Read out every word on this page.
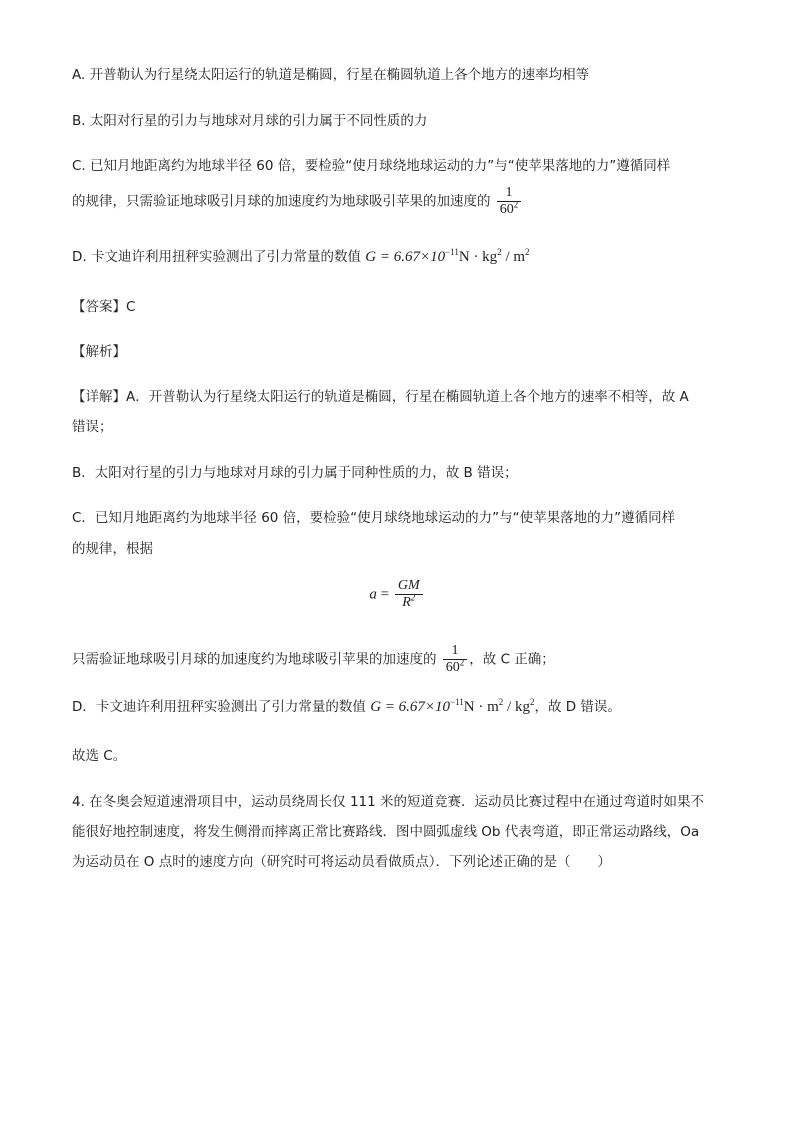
A. 开普勒认为行星绕太阳运行的轨道是椭圆，行星在椭圆轨道上各个地方的速率均相等
B. 太阳对行星的引力与地球对月球的引力属于不同性质的力
C. 已知月地距离约为地球半径 60 倍，要检验“使月球绕地球运动的力”与“使苹果落地的力”遵循同样
的规律，只需验证地球吸引月球的加速度约为地球吸引苹果的加速度的 $\frac{1}{60^2}$
D. 卡文迪许利用扭秤实验测出了引力常量的数值 $G = 6.67\times 10^{-11}N \cdot kg^2 / m^2$
【答案】C
【解析】
【详解】A．开普勒认为行星绕太阳运行的轨道是椭圆，行星在椭圆轨道上各个地方的速率不相等，故 A
错误；
B．太阳对行星的引力与地球对月球的引力属于同种性质的力，故 B 错误；
C．已知月地距离约为地球半径 60 倍，要检验“使月球绕地球运动的力”与“使苹果落地的力”遵循同样
的规律，根据
$a = \frac{GM}{R^2}$
只需验证地球吸引月球的加速度约为地球吸引苹果的加速度的 $\frac{1}{60^2}$ ，故 C 正确；
D．卡文迪许利用扭秤实验测出了引力常量的数值 $G = 6.67\times 10^{-11}N \cdot m^2 / kg^2$，故 D 错误。
故选 C。
4. 在冬奥会短道速滑项目中，运动员绕周长仅 111 米的短道竞赛．运动员比赛过程中在通过弯道时如果不
能很好地控制速度，将发生侧滑而摔离正常比赛路线．图中圆弧虚线 Ob 代表弯道，即正常运动路线，Oa
为运动员在 O 点时的速度方向（研究时可将运动员看做质点）．下列论述正确的是（　　）
